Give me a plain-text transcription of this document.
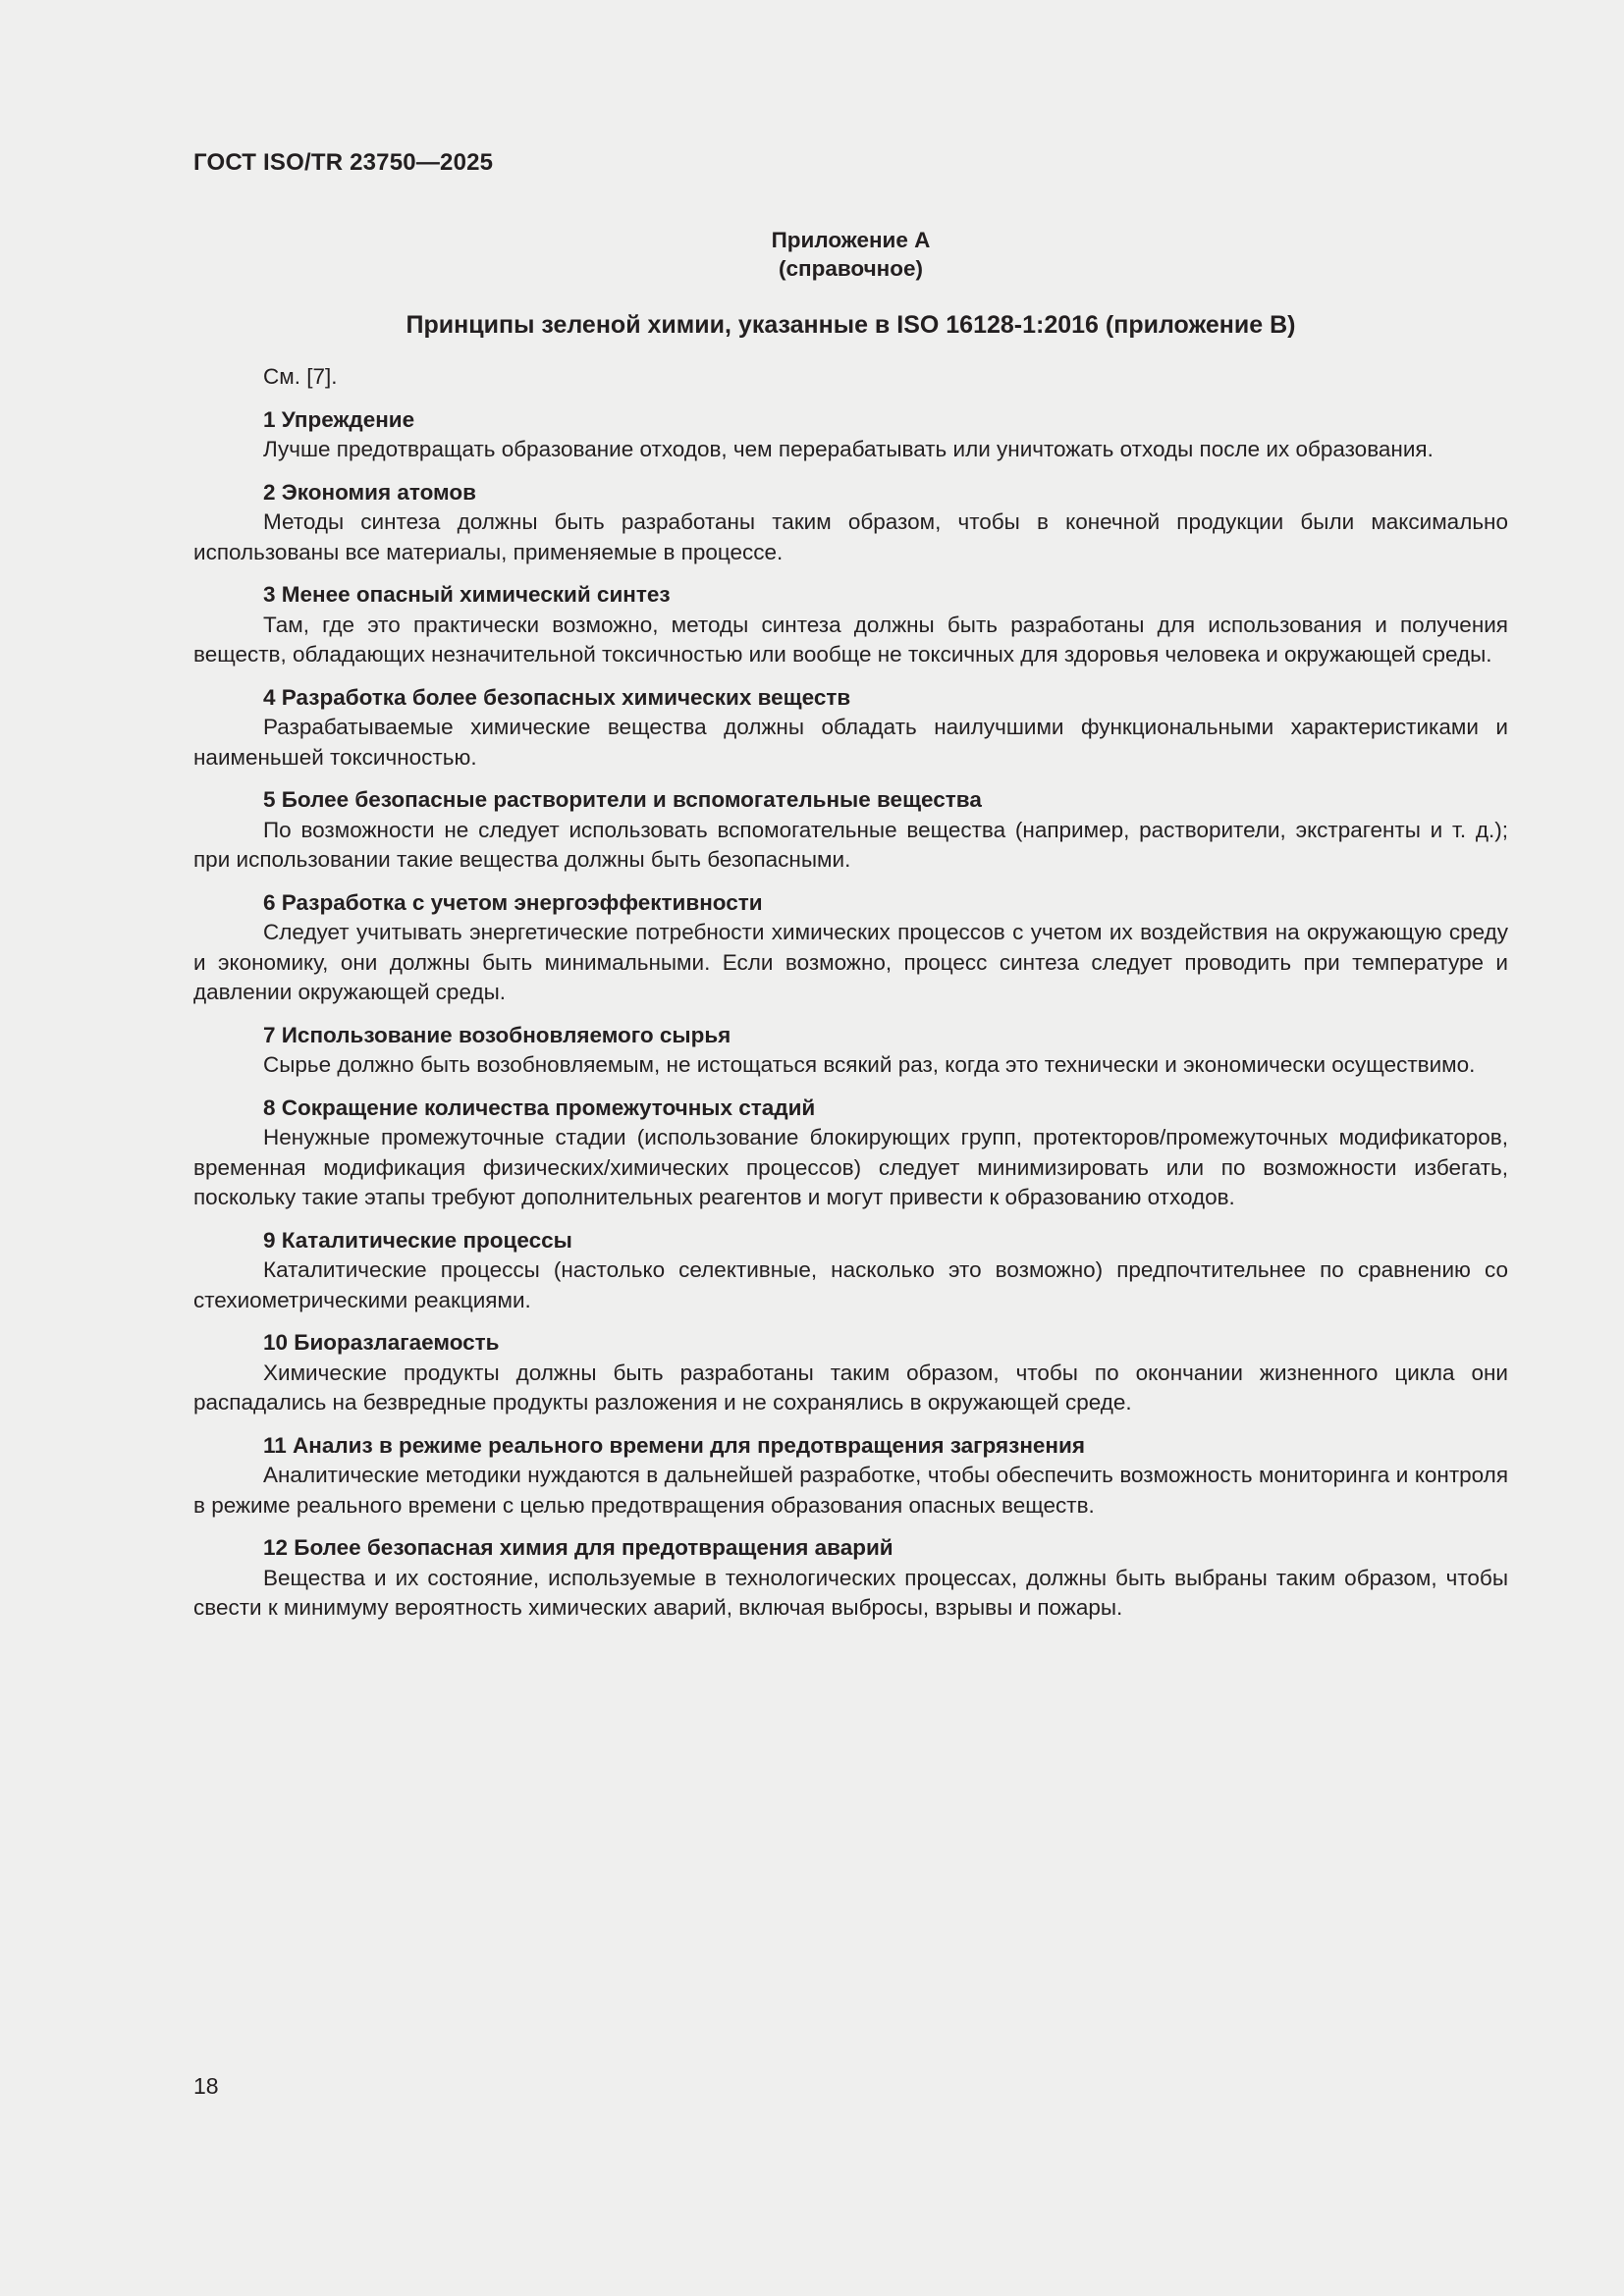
ГОСТ ISO/TR 23750—2025
Приложение А
(справочное)
Принципы зеленой химии, указанные в ISO 16128-1:2016 (приложение В)
См. [7].
1 Упреждение
Лучше предотвращать образование отходов, чем перерабатывать или уничтожать отходы после их образования.
2 Экономия атомов
Методы синтеза должны быть разработаны таким образом, чтобы в конечной продукции были максимально использованы все материалы, применяемые в процессе.
3 Менее опасный химический синтез
Там, где это практически возможно, методы синтеза должны быть разработаны для использования и получения веществ, обладающих незначительной токсичностью или вообще не токсичных для здоровья человека и окружающей среды.
4 Разработка более безопасных химических веществ
Разрабатываемые химические вещества должны обладать наилучшими функциональными характеристиками и наименьшей токсичностью.
5 Более безопасные растворители и вспомогательные вещества
По возможности не следует использовать вспомогательные вещества (например, растворители, экстрагенты и т. д.); при использовании такие вещества должны быть безопасными.
6 Разработка с учетом энергоэффективности
Следует учитывать энергетические потребности химических процессов с учетом их воздействия на окружающую среду и экономику, они должны быть минимальными. Если возможно, процесс синтеза следует проводить при температуре и давлении окружающей среды.
7 Использование возобновляемого сырья
Сырье должно быть возобновляемым, не истощаться всякий раз, когда это технически и экономически осуществимо.
8 Сокращение количества промежуточных стадий
Ненужные промежуточные стадии (использование блокирующих групп, протекторов/промежуточных модификаторов, временная модификация физических/химических процессов) следует минимизировать или по возможности избегать, поскольку такие этапы требуют дополнительных реагентов и могут привести к образованию отходов.
9 Каталитические процессы
Каталитические процессы (настолько селективные, насколько это возможно) предпочтительнее по сравнению со стехиометрическими реакциями.
10 Биоразлагаемость
Химические продукты должны быть разработаны таким образом, чтобы по окончании жизненного цикла они распадались на безвредные продукты разложения и не сохранялись в окружающей среде.
11 Анализ в режиме реального времени для предотвращения загрязнения
Аналитические методики нуждаются в дальнейшей разработке, чтобы обеспечить возможность мониторинга и контроля в режиме реального времени с целью предотвращения образования опасных веществ.
12 Более безопасная химия для предотвращения аварий
Вещества и их состояние, используемые в технологических процессах, должны быть выбраны таким образом, чтобы свести к минимуму вероятность химических аварий, включая выбросы, взрывы и пожары.
18
